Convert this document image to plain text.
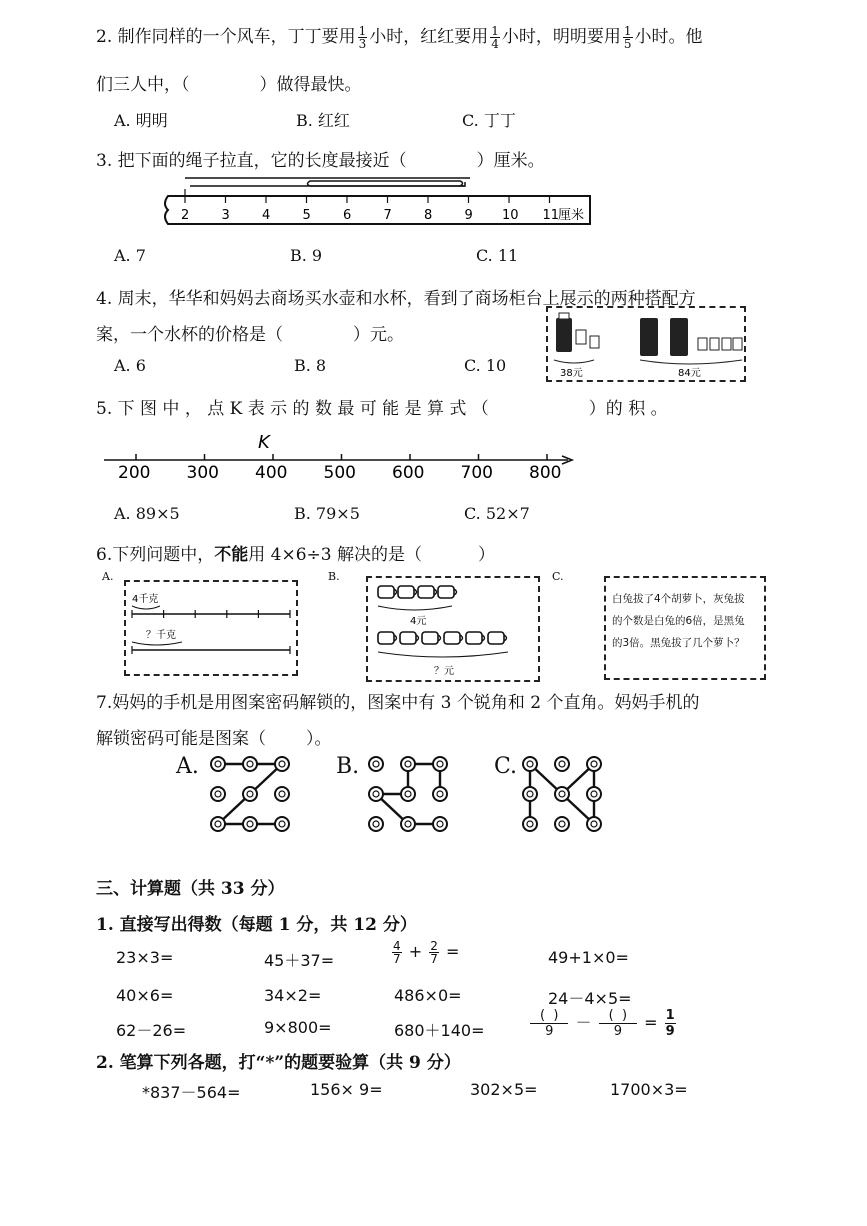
2. 制作同样的一个风车，丁丁要用 $\frac{1}{3}$ 小时，红红要用 $\frac{1}{4}$ 小时，明明要用 $\frac{1}{5}$ 小时。他
们三人中，（	）做得最快。
A. 明明	B. 红红	C. 丁丁
3. 把下面的绳子拉直，它的长度最接近（	）厘米。
2 3 4 5 6 7 8 9 10 11
厘米
A. 7	B. 9	C. 11
4. 周末，华华和妈妈去商场买水壶和水杯，看到了商场柜台上展示的两种搭配方
案，一个水杯的价格是（	）元。
A. 6	B. 8	C. 10	38元	84元
5. 下 图 中 ， 点 K 表 示 的 数 最 可 能 是 算 式 （	）的 积 。
200 300 400 500 600 700 800
K
A. 89×5	B. 79×5	C. 52×7
6.下列问题中，不能用 4×6÷3 解决的是（	）
A.	B.	C.
4千克
？千克
4元
？元
白兔拔了4个胡萝卜，灰兔拔
的个数是白兔的6倍，是黑兔
的3倍。黑兔拔了几个萝卜？
7.妈妈的手机是用图案密码解锁的，图案中有 3 个锐角和 2 个直角。妈妈手机的
解锁密码可能是图案（ ）。
A.	B.	C.
三、计算题（共 33 分）
1. 直接写出得数（每题 1 分，共 12 分）
23×3=	45＋37=	$\frac{4}{7} + \frac{2}{7}$ =	49+1×0=
40×6=	34×2=	486×0=	24－4×5=
62－26=	9×800=	680＋140=	$\frac{( )}{9} - \frac{( )}{9} = \frac{1}{9}$
2. 笔算下列各题，打“*”的题要验算（共 9 分）
*837－564=	156× 9=	302×5=	1700×3=
